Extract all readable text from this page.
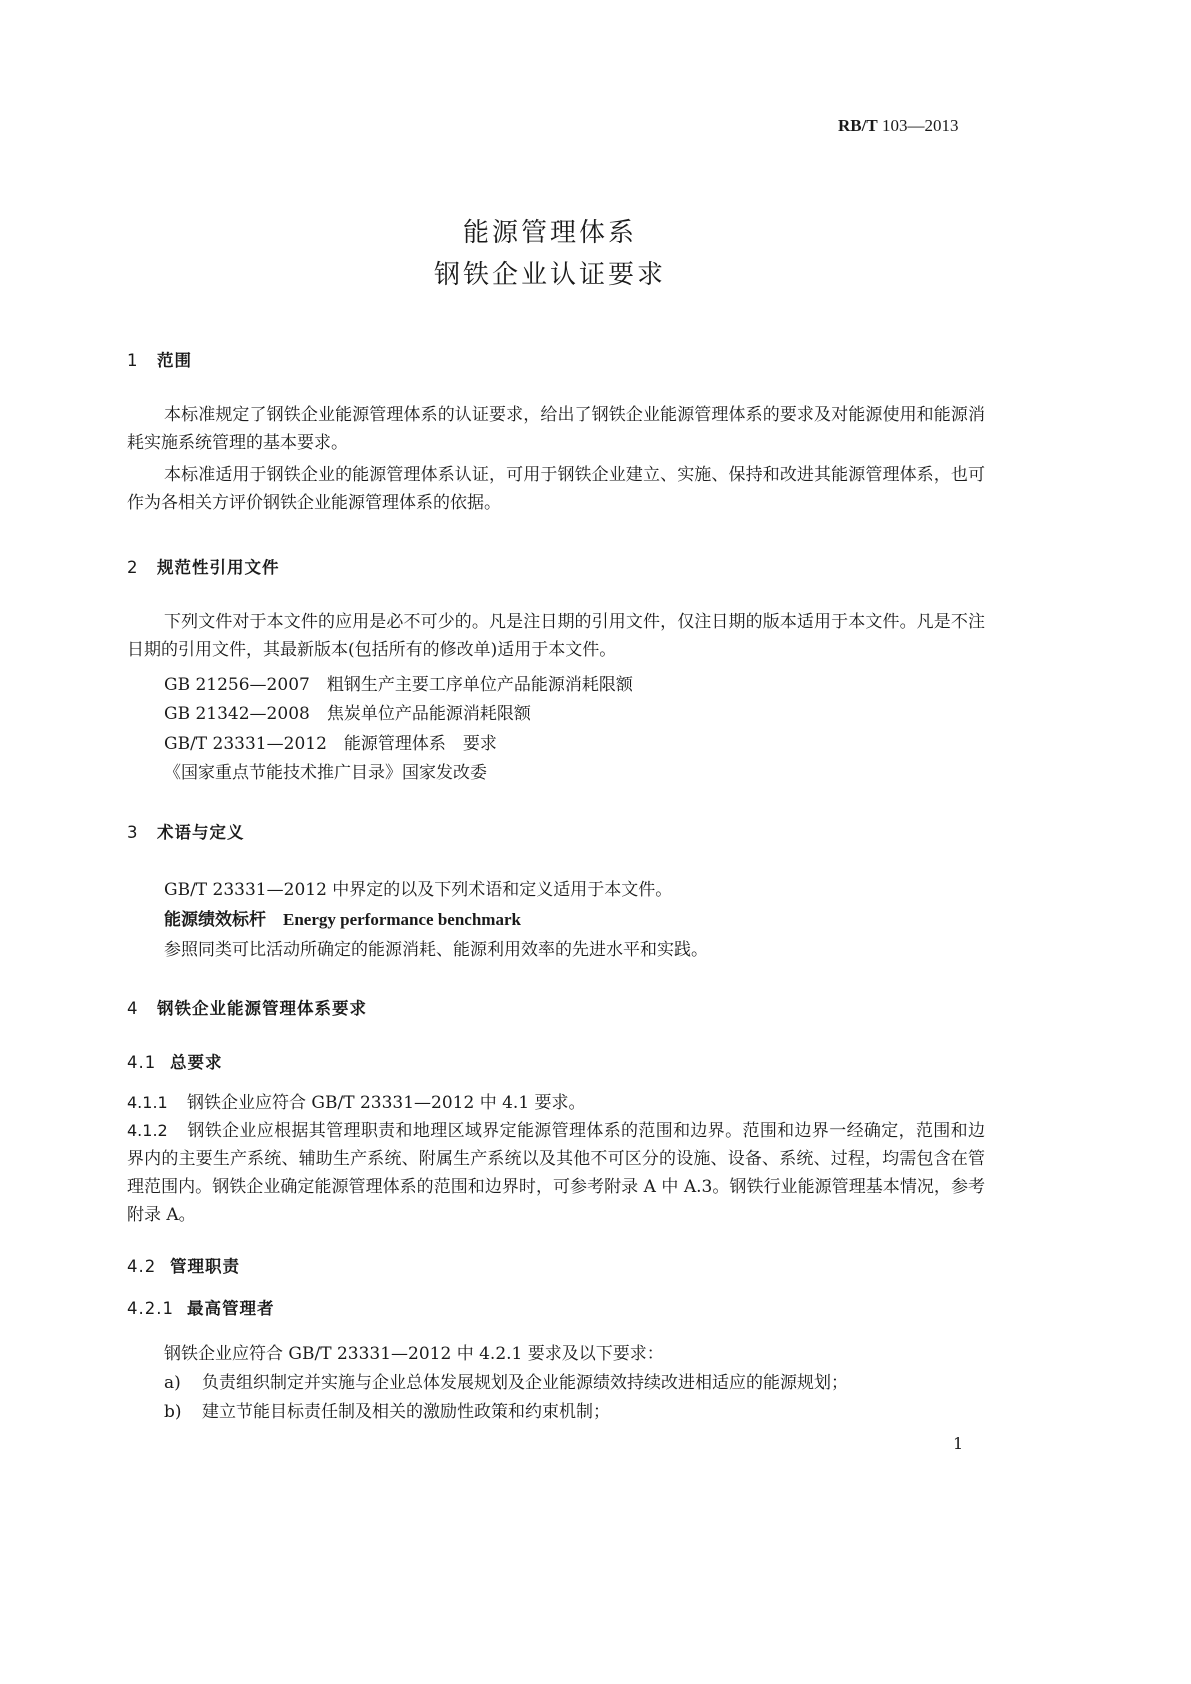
RB/T 103—2013
能源管理体系
钢铁企业认证要求
1 范围
本标准规定了钢铁企业能源管理体系的认证要求，给出了钢铁企业能源管理体系的要求及对能源使用和能源消耗实施系统管理的基本要求。
本标准适用于钢铁企业的能源管理体系认证，可用于钢铁企业建立、实施、保持和改进其能源管理体系，也可作为各相关方评价钢铁企业能源管理体系的依据。
2 规范性引用文件
下列文件对于本文件的应用是必不可少的。凡是注日期的引用文件，仅注日期的版本适用于本文件。凡是不注日期的引用文件，其最新版本(包括所有的修改单)适用于本文件。
GB 21256—2007　粗钢生产主要工序单位产品能源消耗限额
GB 21342—2008　焦炭单位产品能源消耗限额
GB/T 23331—2012　能源管理体系　要求
《国家重点节能技术推广目录》国家发改委
3 术语与定义
GB/T 23331—2012 中界定的以及下列术语和定义适用于本文件。
能源绩效标杆　 Energy performance benchmark
参照同类可比活动所确定的能源消耗、能源利用效率的先进水平和实践。
4 钢铁企业能源管理体系要求
4.1 总要求
4.1.1 钢铁企业应符合 GB/T 23331—2012 中 4.1 要求。
4.1.2 钢铁企业应根据其管理职责和地理区域界定能源管理体系的范围和边界。范围和边界一经确定，范围和边界内的主要生产系统、辅助生产系统、附属生产系统以及其他不可区分的设施、设备、系统、过程，均需包含在管理范围内。钢铁企业确定能源管理体系的范围和边界时，可参考附录 A 中 A.3。钢铁行业能源管理基本情况，参考附录 A。
4.2 管理职责
4.2.1 最高管理者
钢铁企业应符合 GB/T 23331—2012 中 4.2.1 要求及以下要求：
a) 负责组织制定并实施与企业总体发展规划及企业能源绩效持续改进相适应的能源规划；
b) 建立节能目标责任制及相关的激励性政策和约束机制；
1
